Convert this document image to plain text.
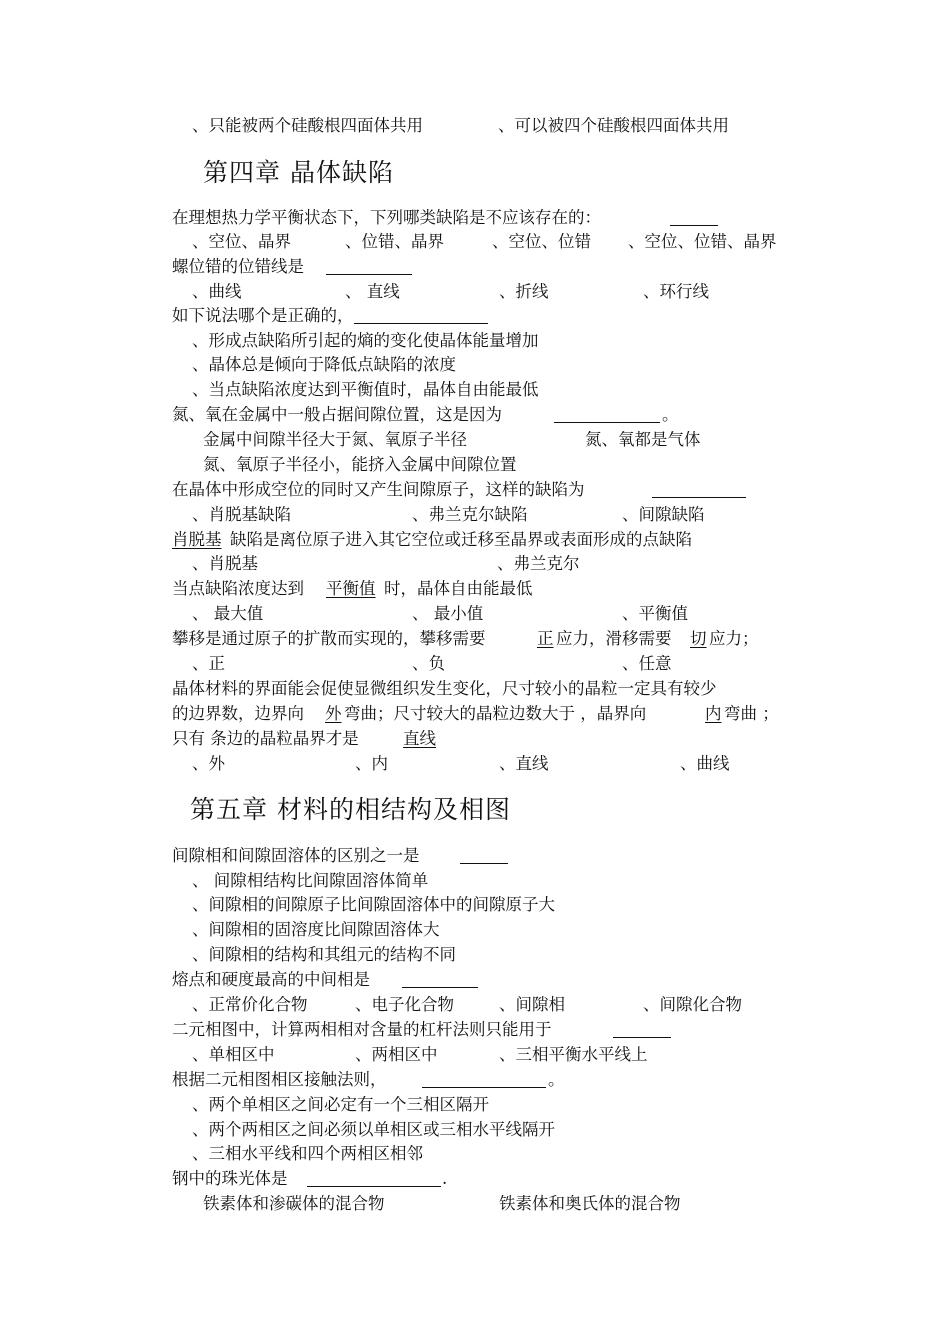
、只能被两个硅酸根四面体共用	、可以被四个硅酸根四面体共用
第四章 晶体缺陷
在理想热力学平衡状态下，下列哪类缺陷是不应该存在的：
、空位、晶界	、位错、晶界	、空位、位错 、空位、位错、晶界
螺位错的位错线是
、曲线	、 直线	、折线	、环行线
如下说法哪个是正确的，
、形成点缺陷所引起的熵的变化使晶体能量增加
、晶体总是倾向于降低点缺陷的浓度
、当点缺陷浓度达到平衡值时，晶体自由能最低
氮、氧在金属中一般占据间隙位置，这是因为	。
金属中间隙半径大于氮、氧原子半径	氮、氧都是气体
氮、氧原子半径小，能挤入金属中间隙位置
在晶体中形成空位的同时又产生间隙原子，这样的缺陷为
、肖脱基缺陷	、弗兰克尔缺陷	、间隙缺陷
肖脱基 缺陷是离位原子进入其它空位或迁移至晶界或表面形成的点缺陷
、肖脱基	、弗兰克尔
当点缺陷浓度达到 平衡值 时，晶体自由能最低
、 最大值	、 最小值	、平衡值
攀移是通过原子的扩散而实现的，攀移需要	正 应力，滑移需要 切 应力；
、正	、负	、任意
晶体材料的界面能会促使显微组织发生变化，尺寸较小的晶粒一定具有较少
的边界数，边界向 外 弯曲；尺寸较大的晶粒边数大于 ，晶界向	内 弯曲 ；
只有 条边的晶粒晶界才是	直线
、外	、内	、直线	、曲线
第五章 材料的相结构及相图
间隙相和间隙固溶体的区别之一是
、 间隙相结构比间隙固溶体简单
、间隙相的间隙原子比间隙固溶体中的间隙原子大
、间隙相的固溶度比间隙固溶体大
、间隙相的结构和其组元的结构不同
熔点和硬度最高的中间相是
、正常价化合物	、电子化合物	、间隙相	、间隙化合物
二元相图中，计算两相相对含量的杠杆法则只能用于
、单相区中	、两相区中	、三相平衡水平线上
根据二元相图相区接触法则，	。
、两个单相区之间必定有一个三相区隔开
、两个两相区之间必须以单相区或三相水平线隔开
、三相水平线和四个两相区相邻
钢中的珠光体是	.
铁素体和渗碳体的混合物	铁素体和奥氏体的混合物
